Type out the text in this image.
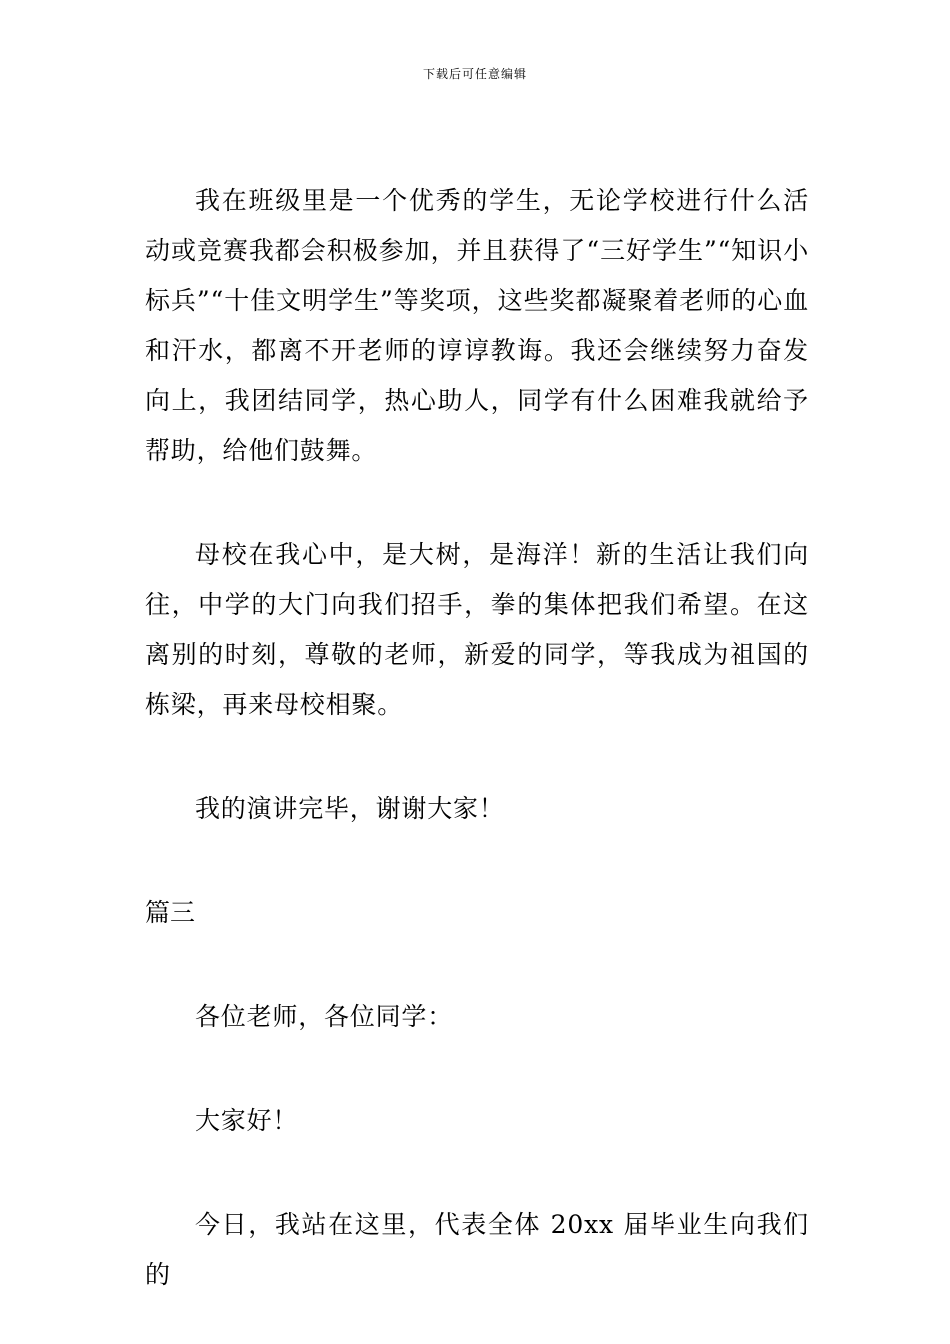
下载后可任意编辑

我在班级里是一个优秀的学生，无论学校进行什么活动或竞赛我都会积极参加，并且获得了“三好学生”“知识小标兵”“十佳文明学生”等奖项，这些奖都凝聚着老师的心血和汗水，都离不开老师的谆谆教诲。我还会继续努力奋发向上，我团结同学，热心助人，同学有什么困难我就给予帮助，给他们鼓舞。

母校在我心中，是大树，是海洋！新的生活让我们向往，中学的大门向我们招手，拳的集体把我们希望。在这离别的时刻，尊敬的老师，新爱的同学，等我成为祖国的栋梁，再来母校相聚。

我的演讲完毕，谢谢大家！

篇三

各位老师，各位同学：

大家好！

今日，我站在这里，代表全体 20xx 届毕业生向我们的
